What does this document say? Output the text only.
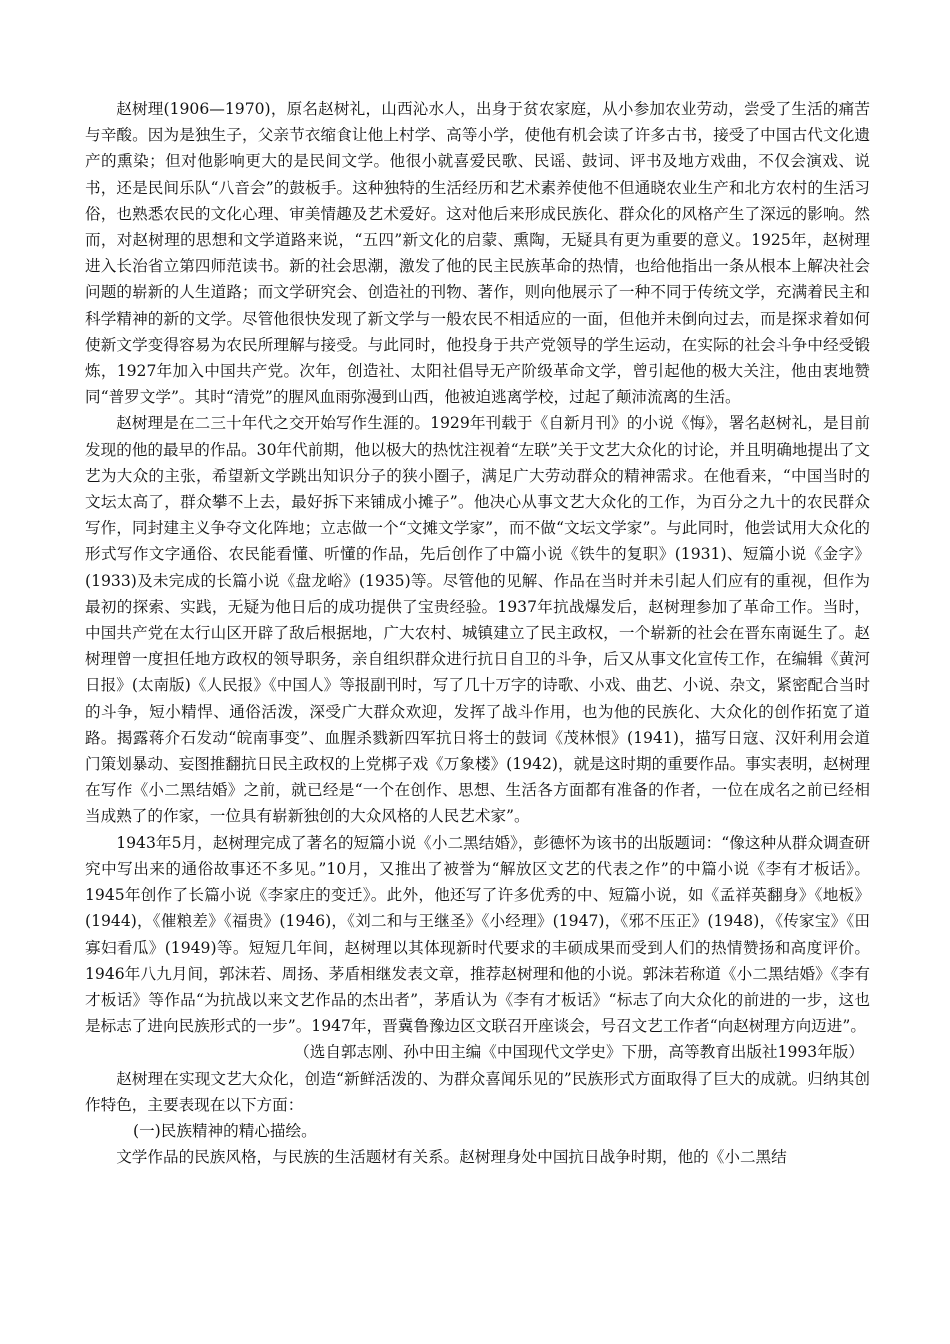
赵树理(1906—1970)，原名赵树礼，山西沁水人，出身于贫农家庭，从小参加农业劳动，尝受了生活的痛苦与辛酸。因为是独生子，父亲节衣缩食让他上村学、高等小学，使他有机会读了许多古书，接受了中国古代文化遗产的熏染；但对他影响更大的是民间文学。他很小就喜爱民歌、民谣、鼓词、评书及地方戏曲，不仅会演戏、说书，还是民间乐队“八音会”的鼓板手。这种独特的生活经历和艺术素养使他不但通晓农业生产和北方农村的生活习俗，也熟悉农民的文化心理、审美情趣及艺术爱好。这对他后来形成民族化、群众化的风格产生了深远的影响。然而，对赵树理的思想和文学道路来说，“五四”新文化的启蒙、熏陶，无疑具有更为重要的意义。1925年，赵树理进入长治省立第四师范读书。新的社会思潮，激发了他的民主民族革命的热情，也给他指出一条从根本上解决社会问题的崭新的人生道路；而文学研究会、创造社的刊物、著作，则向他展示了一种不同于传统文学，充满着民主和科学精神的新的文学。尽管他很快发现了新文学与一般农民不相适应的一面，但他并未倒向过去，而是探求着如何使新文学变得容易为农民所理解与接受。与此同时，他投身于共产党领导的学生运动，在实际的社会斗争中经受锻炼，1927年加入中国共产党。次年，创造社、太阳社倡导无产阶级革命文学，曾引起他的极大关注，他由衷地赞同“普罗文学”。其时“清党”的腥风血雨弥漫到山西，他被迫逃离学校，过起了颠沛流离的生活。

赵树理是在二三十年代之交开始写作生涯的。1929年刊载于《自新月刊》的小说《悔》，署名赵树礼，是目前发现的他的最早的作品。30年代前期，他以极大的热忱注视着“左联”关于文艺大众化的讨论，并且明确地提出了文艺为大众的主张，希望新文学跳出知识分子的狭小圈子，满足广大劳动群众的精神需求。在他看来，“中国当时的文坛太高了，群众攀不上去，最好拆下来铺成小摊子”。他决心从事文艺大众化的工作，为百分之九十的农民群众写作，同封建主义争夺文化阵地；立志做一个“文摊文学家”，而不做“文坛文学家”。与此同时，他尝试用大众化的形式写作文字通俗、农民能看懂、听懂的作品，先后创作了中篇小说《铁牛的复职》(1931)、短篇小说《金字》(1933)及未完成的长篇小说《盘龙峪》(1935)等。尽管他的见解、作品在当时并未引起人们应有的重视，但作为最初的探索、实践，无疑为他日后的成功提供了宝贵经验。1937年抗战爆发后，赵树理参加了革命工作。当时，中国共产党在太行山区开辟了敌后根据地，广大农村、城镇建立了民主政权，一个崭新的社会在晋东南诞生了。赵树理曾一度担任地方政权的领导职务，亲自组织群众进行抗日自卫的斗争，后又从事文化宣传工作，在编辑《黄河日报》(太南版)《人民报》《中国人》等报副刊时，写了几十万字的诗歌、小戏、曲艺、小说、杂文，紧密配合当时的斗争，短小精悍、通俗活泼，深受广大群众欢迎，发挥了战斗作用，也为他的民族化、大众化的创作拓宽了道路。揭露蒋介石发动“皖南事变”、血腥杀戮新四军抗日将士的鼓词《茂林恨》(1941)，描写日寇、汉奸利用会道门策划暴动、妄图推翻抗日民主政权的上党梆子戏《万象楼》(1942)，就是这时期的重要作品。事实表明，赵树理在写作《小二黑结婚》之前，就已经是“一个在创作、思想、生活各方面都有准备的作者，一位在成名之前已经相当成熟了的作家，一位具有崭新独创的大众风格的人民艺术家”。

1943年5月，赵树理完成了著名的短篇小说《小二黑结婚》，彭德怀为该书的出版题词：“像这种从群众调查研究中写出来的通俗故事还不多见。”10月，又推出了被誉为“解放区文艺的代表之作”的中篇小说《李有才板话》。1945年创作了长篇小说《李家庄的变迁》。此外，他还写了许多优秀的中、短篇小说，如《孟祥英翻身》《地板》(1944)，《催粮差》《福贵》(1946)，《刘二和与王继圣》《小经理》(1947)，《邪不压正》(1948)，《传家宝》《田寡妇看瓜》(1949)等。短短几年间，赵树理以其体现新时代要求的丰硕成果而受到人们的热情赞扬和高度评价。1946年八九月间，郭沫若、周扬、茅盾相继发表文章，推荐赵树理和他的小说。郭沫若称道《小二黑结婚》《李有才板话》等作品“为抗战以来文艺作品的杰出者”，茅盾认为《李有才板话》“标志了向大众化的前进的一步，这也是标志了进向民族形式的一步”。1947年，晋冀鲁豫边区文联召开座谈会，号召文艺工作者“向赵树理方向迈进”。

（选自郭志刚、孙中田主编《中国现代文学史》下册，高等教育出版社1993年版）

赵树理在实现文艺大众化，创造“新鲜活泼的、为群众喜闻乐见的”民族形式方面取得了巨大的成就。归纳其创作特色，主要表现在以下方面：

(一)民族精神的精心描绘。

文学作品的民族风格，与民族的生活题材有关系。赵树理身处中国抗日战争时期，他的《小二黑结
